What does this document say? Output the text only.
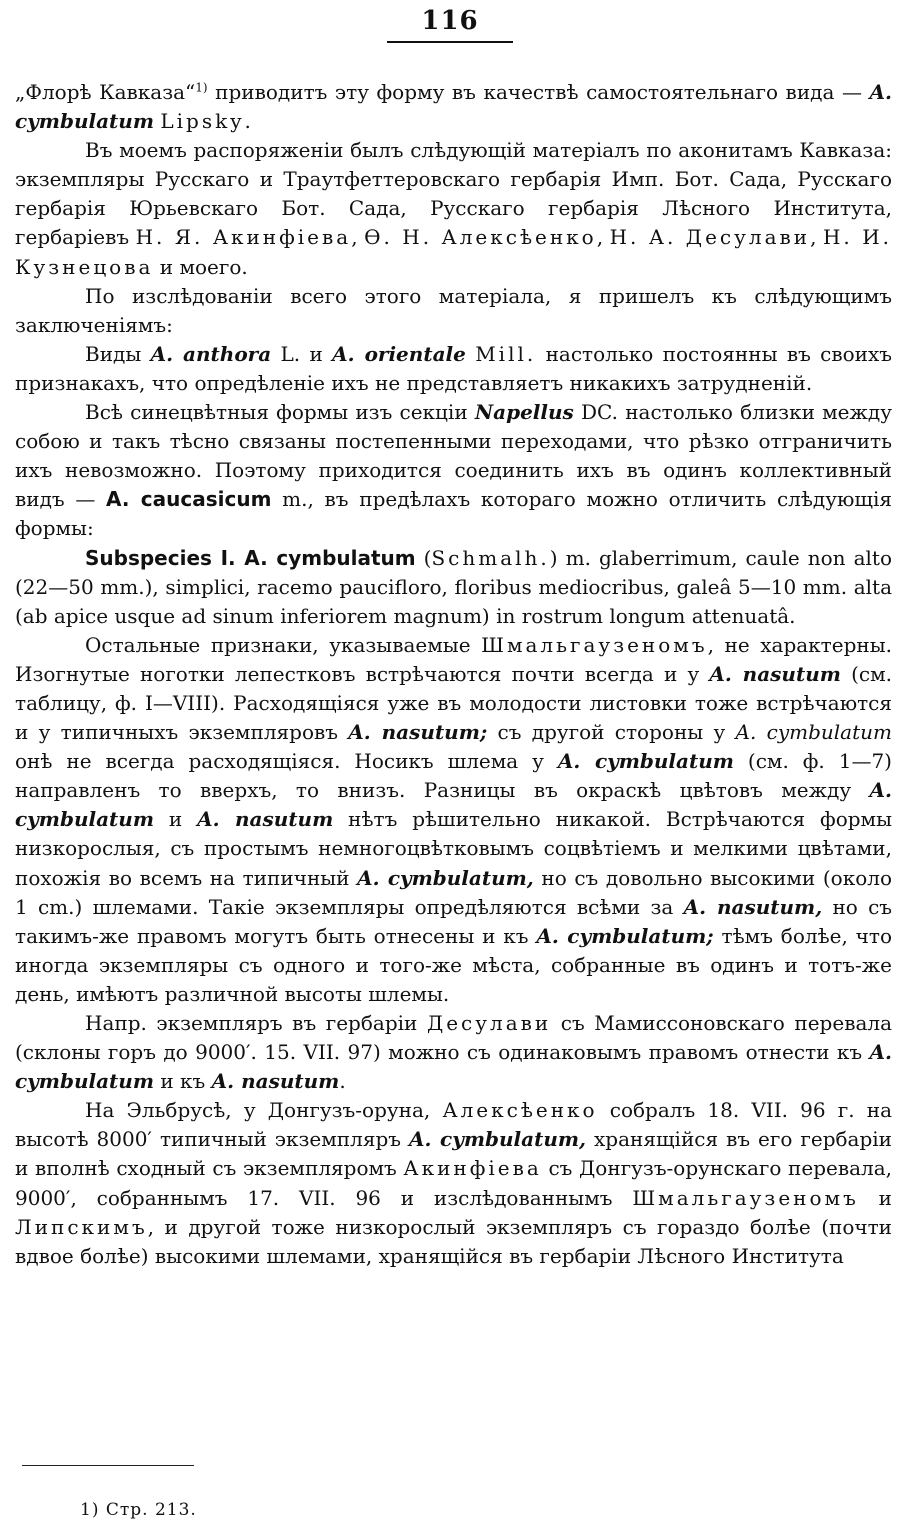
116

„Флорѣ Кавказа“$^{1)}$ приводитъ эту форму въ качествѣ самостоятельнаго вида — A. cymbulatum Lipsky.

Въ моемъ распоряженіи былъ слѣдующій матеріалъ по аконитамъ Кавказа: экземпляры Русскаго и Траутфеттеровскаго гербарія Имп. Бот. Сада, Русскаго гербарія Юрьевскаго Бот. Сада, Русскаго гербарія Лѣсного Института, гербаріевъ Н. Я. Акинфіева, Ѳ. Н. Алексѣенко, Н. А. Десулави, Н. И. Кузнецова и моего.

По изслѣдованіи всего этого матеріала, я пришелъ къ слѣдующимъ заключеніямъ:

Виды A. anthora L. и A. orientale Mill. настолько постоянны въ своихъ признакахъ, что опредѣленіе ихъ не представляетъ никакихъ затрудненій.

Всѣ синецвѣтныя формы изъ секціи Napellus DC. настолько близки между собою и такъ тѣсно связаны постепенными переходами, что рѣзко отграничить ихъ невозможно. Поэтому приходится соединить ихъ въ одинъ коллективный видъ — A. caucasicum m., въ предѣлахъ котораго можно отличить слѣдующія формы:

Subspecies I. A. cymbulatum (Schmalh.) m. glaberrimum, caule non alto (22—50 mm.), simplici, racemo paucifloro, floribus mediocribus, galeâ 5—10 mm. alta (ab apice usque ad sinum inferiorem magnum) in rostrum longum attenuatâ.

Остальные признаки, указываемые Шмальгаузеномъ, не характерны. Изогнутые ноготки лепестковъ встрѣчаются почти всегда и у A. nasutum (см. таблицу, ф. I—VIII). Расходящіяся уже въ молодости листовки тоже встрѣчаются и у типичныхъ экземпляровъ A. nasutum; съ другой стороны у A. cymbulatum онѣ не всегда расходящіяся. Носикъ шлема у A. cymbulatum (см. ф. 1—7) направленъ то вверхъ, то внизъ. Разницы въ окраскѣ цвѣтовъ между A. cymbulatum и A. nasutum нѣтъ рѣшительно никакой. Встрѣчаются формы низкорослыя, съ простымъ немногоцвѣтковымъ соцвѣтіемъ и мелкими цвѣтами, похожія во всемъ на типичный A. cymbulatum, но съ довольно высокими (около 1 cm.) шлемами. Такіе экземпляры опредѣляются всѣми за A. nasutum, но съ такимъ-же правомъ могутъ быть отнесены и къ A. cymbulatum; тѣмъ болѣе, что иногда экземпляры съ одного и того-же мѣста, собранные въ одинъ и тотъ-же день, имѣютъ различной высоты шлемы.

Напр. экземпляръ въ гербаріи Десулави съ Мамиссоновскаго перевала (склоны горъ до 9000′. 15. VII. 97) можно съ одинаковымъ правомъ отнести къ A. cymbulatum и къ A. nasutum.

На Эльбрусѣ, у Донгузъ-оруна, Алексѣенко собралъ 18. VII. 96 г. на высотѣ 8000′ типичный экземпляръ A. cymbulatum, хранящійся въ его гербаріи и вполнѣ сходный съ экземпляромъ Акинфіева съ Донгузъ-орунскаго перевала, 9000′, собраннымъ 17. VII. 96 и изслѣдованнымъ Шмальгаузеномъ и Липскимъ, и другой тоже низкорослый экземпляръ съ гораздо болѣе (почти вдвое болѣе) высокими шлемами, хранящійся въ гербаріи Лѣсного Института

1) Стр. 213.
